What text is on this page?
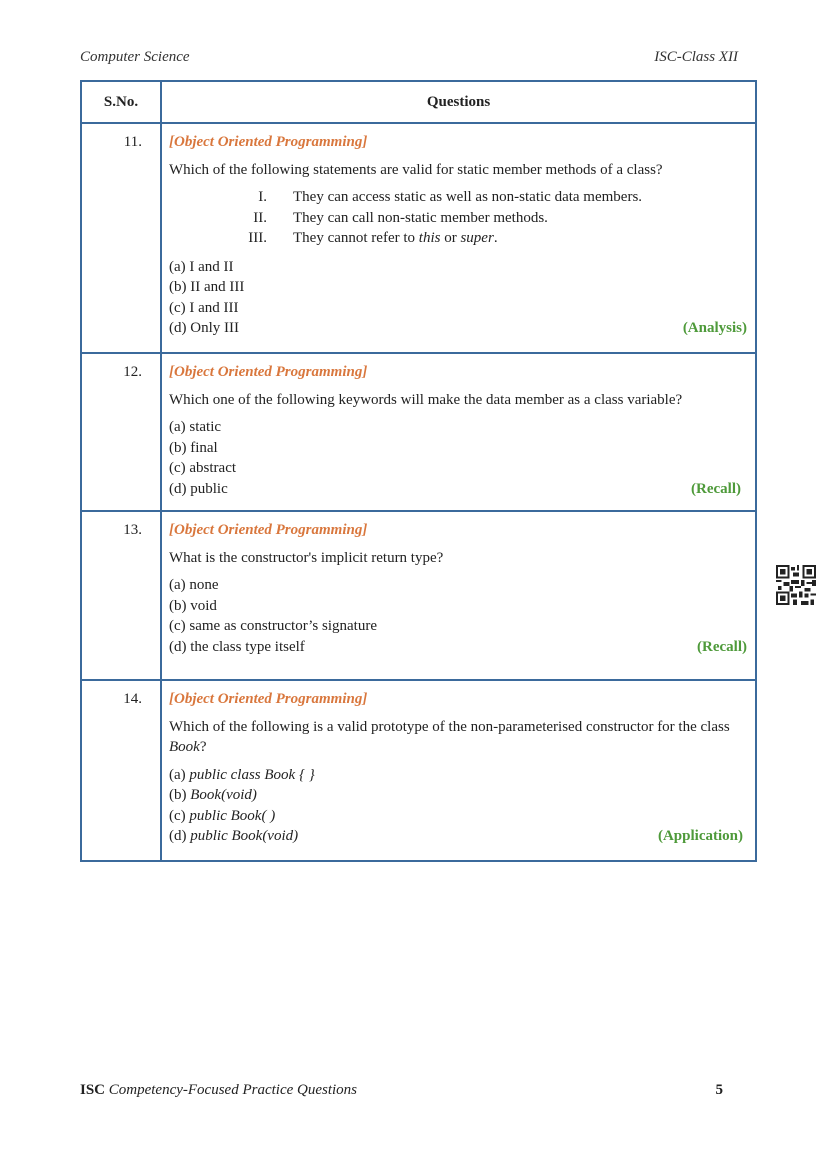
Computer Science	ISC-Class XII
S.No.	Questions
11.	[Object Oriented Programming]
Which of the following statements are valid for static member methods of a class?
I.	They can access static as well as non-static data members.
II.	They can call non-static member methods.
III.	They cannot refer to this or super.
(a) I and II
(b) II and III
(c) I and III
(d) Only III	(Analysis)

12.	[Object Oriented Programming]
Which one of the following keywords will make the data member as a class variable?
(a) static
(b) final
(c) abstract
(d) public	(Recall)

13.	[Object Oriented Programming]
What is the constructor's implicit return type?
(a) none
(b) void
(c) same as constructor’s signature
(d) the class type itself	(Recall)

14.	[Object Oriented Programming]
Which of the following is a valid prototype of the non-parameterised constructor for the class Book?
(a) public class Book { }
(b) Book(void)
(c) public Book( )
(d) public Book(void)	(Application)
ISC Competency-Focused Practice Questions	5
